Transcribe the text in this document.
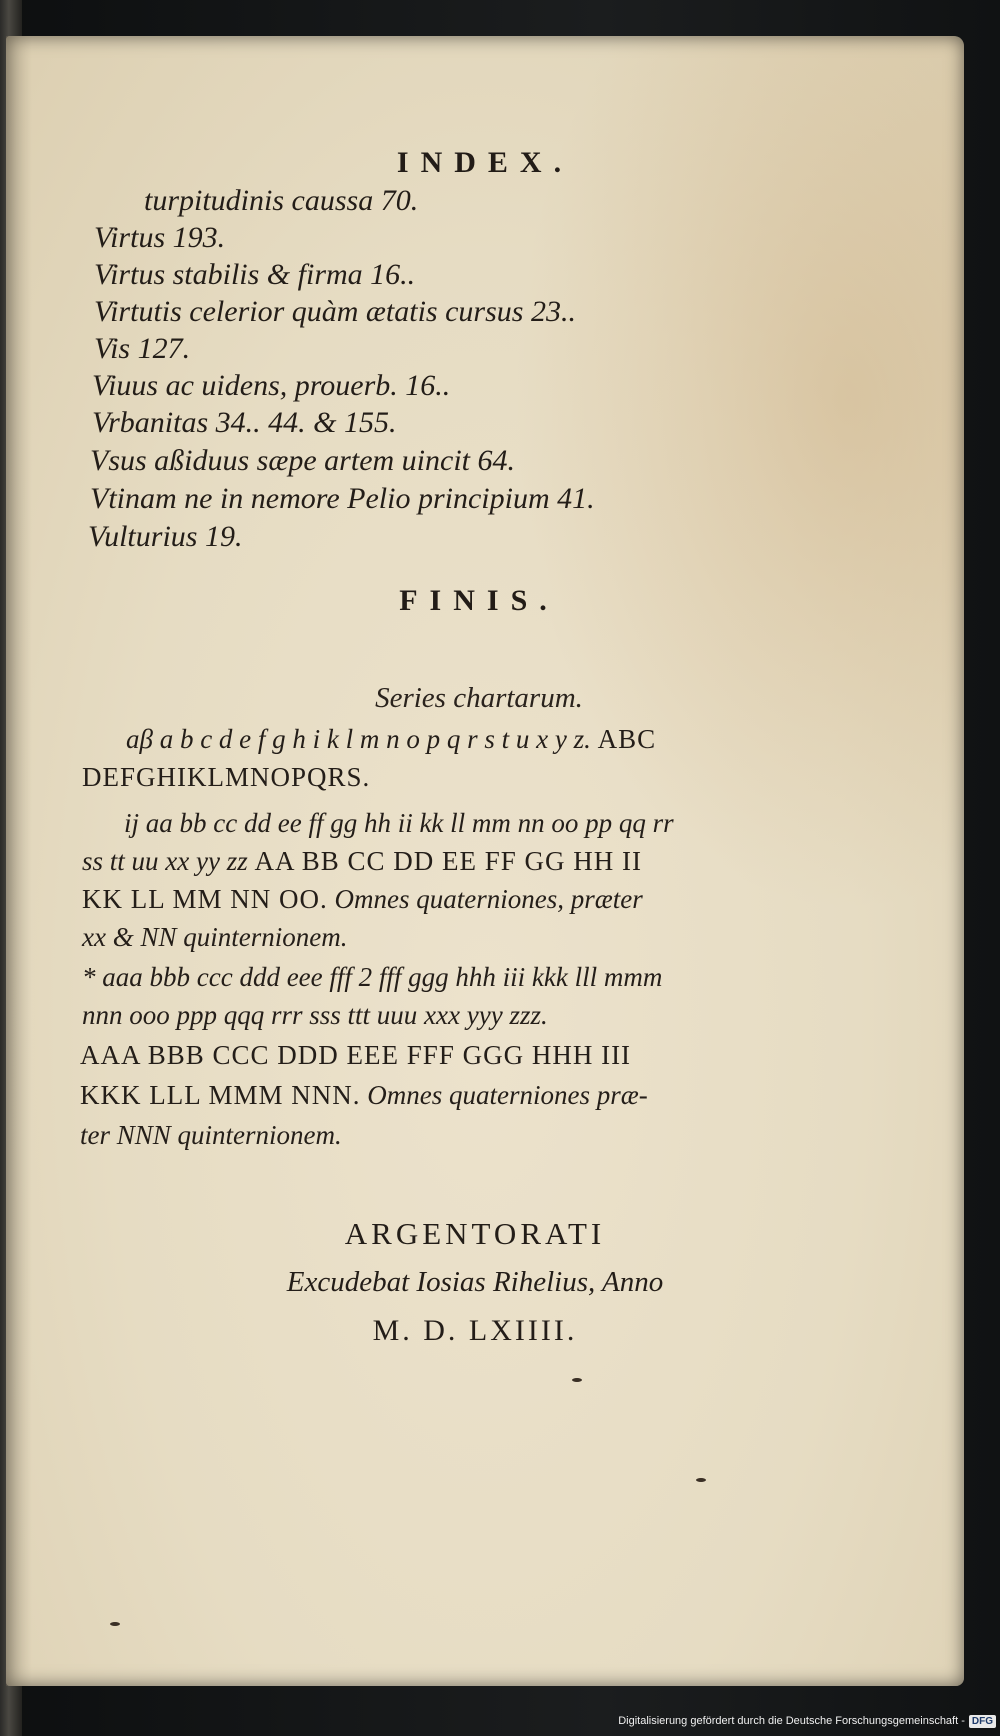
INDEX.
turpitudinis caussa 70.
Virtus 193.
Virtus stabilis & firma 16..
Virtutis celerior quàm ætatis cursus 23..
Vis 127.
Viuus ac uidens, prouerb. 16..
Vrbanitas 34.. 44. & 155.
Vsus aßiduus sæpe artem uincit 64.
Vtinam ne in nemore Pelio principium 41.
Vulturius 19.
FINIS.
Series chartarum.
aβ a b c d e f g h i k l m n o p q r s t u x y z. ABC
DEFGHIKLMNOPQRS.
ij aa bb cc dd ee ff gg hh ii kk ll mm nn oo pp qq rr
ss tt uu xx yy zz AA BB CC DD EE FF GG HH II
KK LL MM NN OO. Omnes quaterniones, præter
xx & NN quinternionem.
* aaa bbb ccc ddd eee fff 2 fff ggg hhh iii kkk lll mmm
nnn ooo ppp qqq rrr sss ttt uuu xxx yyy zzz.
AAA BBB CCC DDD EEE FFF GGG HHH III
KKK LLL MMM NNN. Omnes quaterniones præ-
ter NNN quinternionem.
ARGENTORATI
Excudebat Iosias Rihelius, Anno
M. D. LXIIII.
Digitalisierung gefördert durch die Deutsche Forschungsgemeinschaft - DFG
